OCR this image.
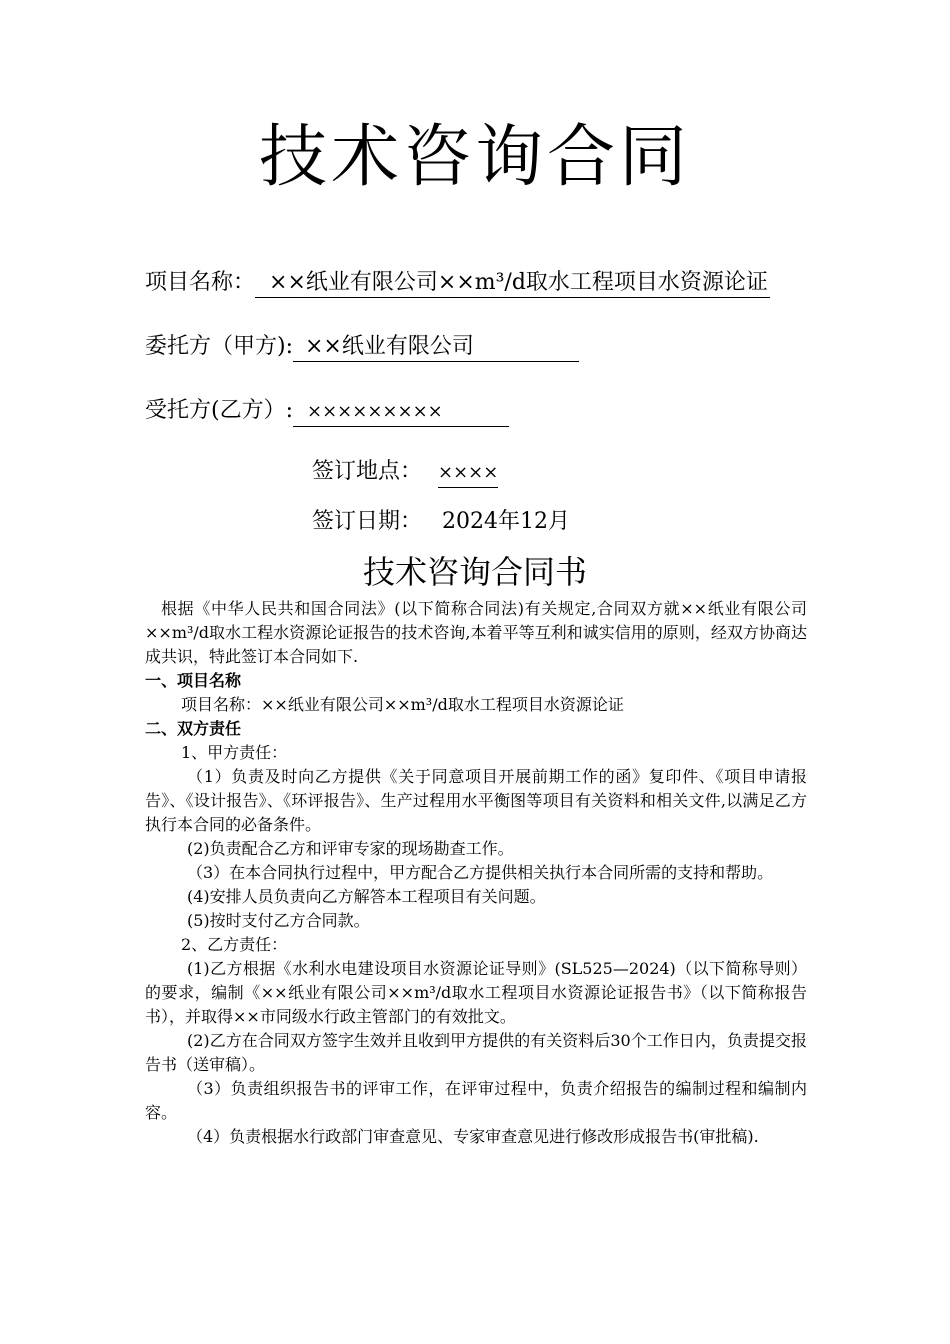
技术咨询合同
项目名称： ××纸业有限公司××m³/d取水工程项目水资源论证
委托方（甲方): ××纸业有限公司
受托方(乙方）: ×××××××××
签订地点： ××××
签订日期： 2024年12月
技术咨询合同书

根据《中华人民共和国合同法》(以下简称合同法)有关规定,合同双方就××纸业有限公司××m³/d取水工程水资源论证报告的技术咨询,本着平等互利和诚实信用的原则，经双方协商达成共识，特此签订本合同如下.

一、项目名称

项目名称：××纸业有限公司××m³/d取水工程项目水资源论证

二、双方责任

1、甲方责任：

（1）负责及时向乙方提供《关于同意项目开展前期工作的函》复印件、《项目申请报告》、《设计报告》、《环评报告》、生产过程用水平衡图等项目有关资料和相关文件,以满足乙方执行本合同的必备条件。

(2)负责配合乙方和评审专家的现场勘查工作。

（3）在本合同执行过程中，甲方配合乙方提供相关执行本合同所需的支持和帮助。

(4)安排人员负责向乙方解答本工程项目有关问题。

(5)按时支付乙方合同款。

2、乙方责任：

(1)乙方根据《水利水电建设项目水资源论证导则》(SL525—2024)（以下简称导则）的要求，编制《××纸业有限公司××m³/d取水工程项目水资源论证报告书》（以下简称报告书），并取得××市同级水行政主管部门的有效批文。

(2)乙方在合同双方签字生效并且收到甲方提供的有关资料后30个工作日内，负责提交报告书（送审稿）。

（3）负责组织报告书的评审工作，在评审过程中，负责介绍报告的编制过程和编制内容。

（4）负责根据水行政部门审查意见、专家审查意见进行修改形成报告书(审批稿).
